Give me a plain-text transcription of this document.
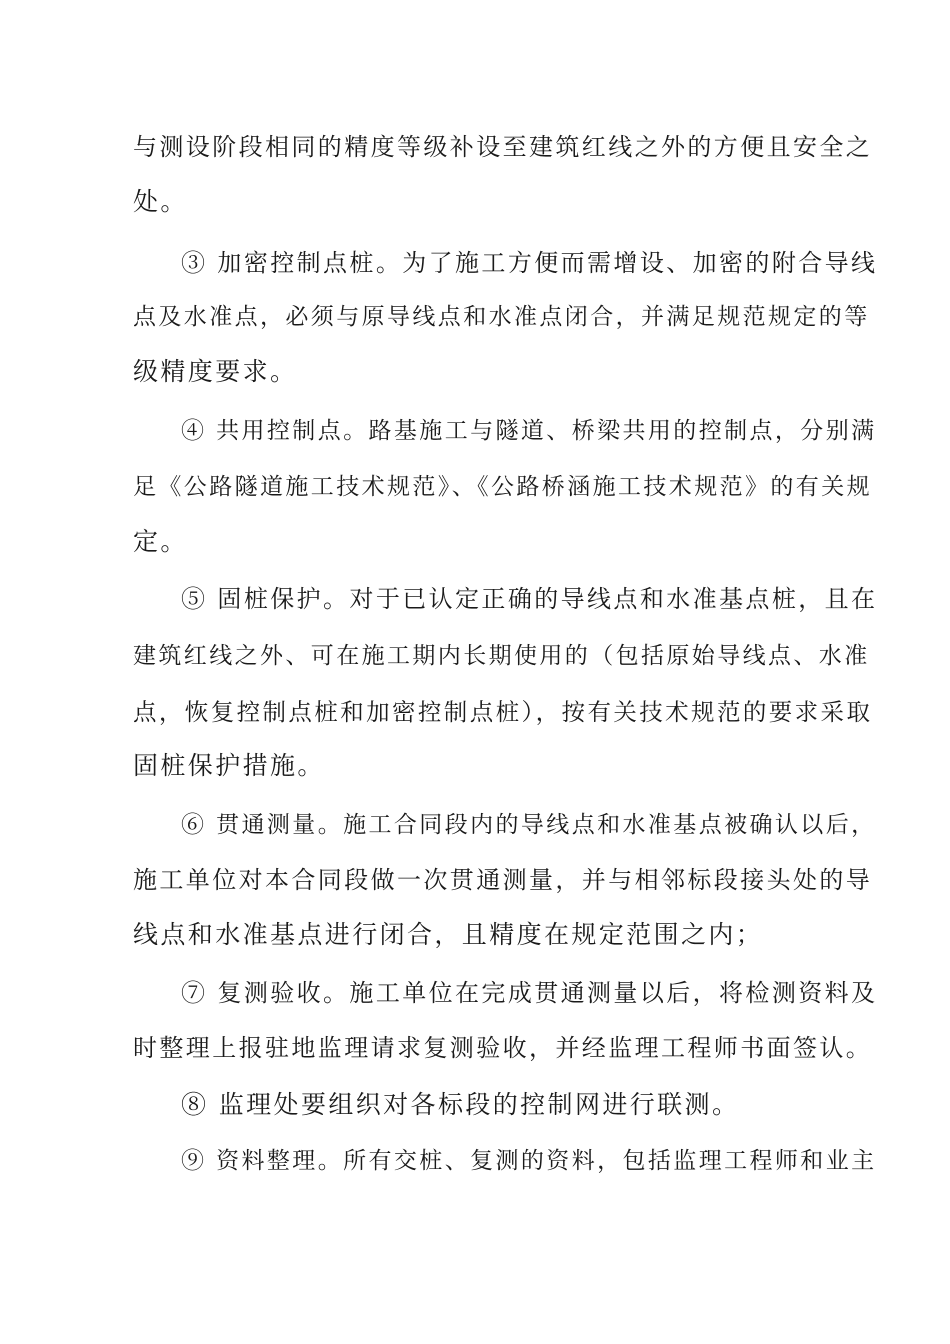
与测设阶段相同的精度等级补设至建筑红线之外的方便且安全之
处。
③ 加密控制点桩。为了施工方便而需增设、加密的附合导线
点及水准点，必须与原导线点和水准点闭合，并满足规范规定的等
级精度要求。
④ 共用控制点。路基施工与隧道、桥梁共用的控制点，分别满
足《公路隧道施工技术规范》、《公路桥涵施工技术规范》的有关规
定。
⑤ 固桩保护。对于已认定正确的导线点和水准基点桩，且在
建筑红线之外、可在施工期内长期使用的（包括原始导线点、水准
点，恢复控制点桩和加密控制点桩），按有关技术规范的要求采取
固桩保护措施。
⑥ 贯通测量。施工合同段内的导线点和水准基点被确认以后，
施工单位对本合同段做一次贯通测量，并与相邻标段接头处的导
线点和水准基点进行闭合，且精度在规定范围之内；
⑦ 复测验收。施工单位在完成贯通测量以后，将检测资料及
时整理上报驻地监理请求复测验收，并经监理工程师书面签认。
⑧ 监理处要组织对各标段的控制网进行联测。
⑨ 资料整理。所有交桩、复测的资料，包括监理工程师和业主
